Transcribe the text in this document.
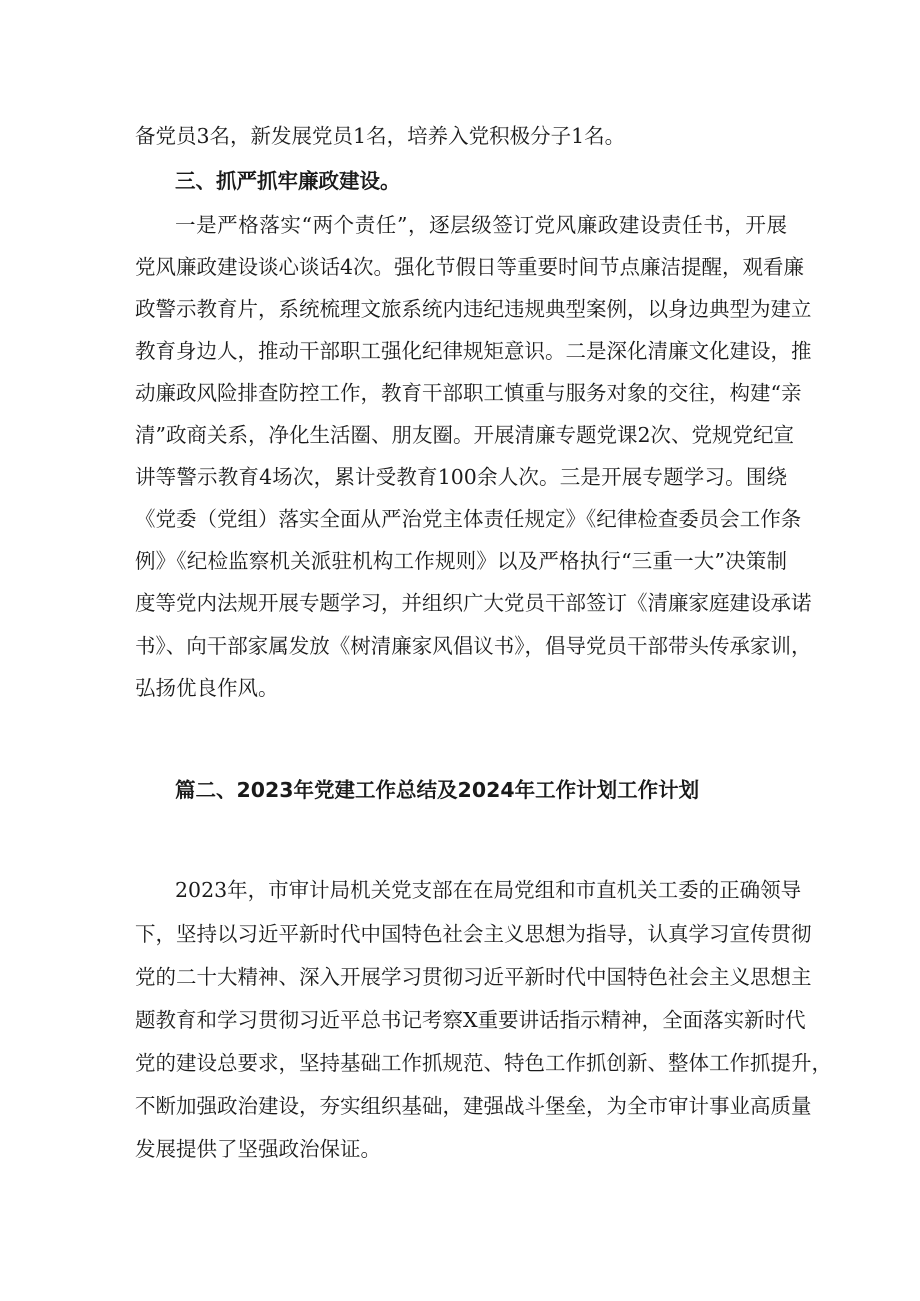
备党员3名，新发展党员1名，培养入党积极分子1名。
三、抓严抓牢廉政建设。
一是严格落实“两个责任”，逐层级签订党风廉政建设责任书，开展
党风廉政建设谈心谈话4次。强化节假日等重要时间节点廉洁提醒，观看廉
政警示教育片，系统梳理文旅系统内违纪违规典型案例，以身边典型为建立
教育身边人，推动干部职工强化纪律规矩意识。二是深化清廉文化建设，推
动廉政风险排查防控工作，教育干部职工慎重与服务对象的交往，构建“亲
清”政商关系，净化生活圈、朋友圈。开展清廉专题党课2次、党规党纪宣
讲等警示教育4场次，累计受教育100余人次。三是开展专题学习。围绕
《党委（党组）落实全面从严治党主体责任规定》《纪律检查委员会工作条
例》《纪检监察机关派驻机构工作规则》以及严格执行“三重一大”决策制
度等党内法规开展专题学习，并组织广大党员干部签订《清廉家庭建设承诺
书》、向干部家属发放《树清廉家风倡议书》，倡导党员干部带头传承家训，
弘扬优良作风。
篇二、2023年党建工作总结及2024年工作计划工作计划
2023年，市审计局机关党支部在在局党组和市直机关工委的正确领导
下，坚持以习近平新时代中国特色社会主义思想为指导，认真学习宣传贯彻
党的二十大精神、深入开展学习贯彻习近平新时代中国特色社会主义思想主
题教育和学习贯彻习近平总书记考察X重要讲话指示精神，全面落实新时代
党的建设总要求，坚持基础工作抓规范、特色工作抓创新、整体工作抓提升，
不断加强政治建设，夯实组织基础，建强战斗堡垒，为全市审计事业高质量
发展提供了坚强政治保证。
